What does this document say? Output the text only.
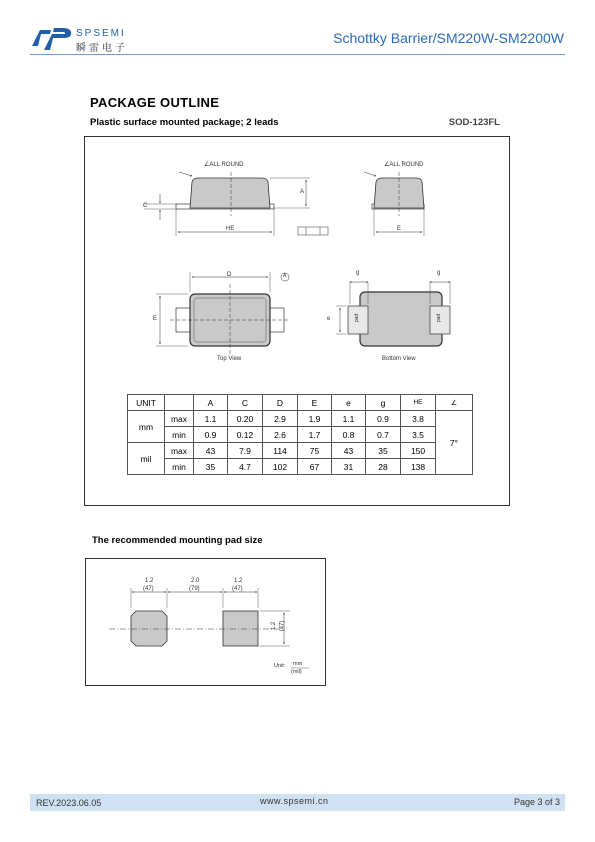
SPSEMI
瞬雷电子
Schottky Barrier/SM220W-SM2200W
PACKAGE OUTLINE
Plastic surface mounted package; 2 leads	SOD-123FL
∠ALL ROUND	∠ALL ROUND
A
C
HE	E
D	A
E	e
g	g
pad	pad
Top View	Bottom View
UNIT		A	C	D	E	e	g	HE	∠
mm	max	1.1	0.20	2.9	1.9	1.1	0.9	3.8	7°
	min	0.9	0.12	2.6	1.7	0.8	0.7	3.5	
mil	max	43	7.9	114	75	43	35	150	
	min	35	4.7	102	67	31	28	138	
The recommended mounting pad size
1.2
(47)
2.0
(79)
1.2
(47)
1.2 (47)
Unit: mm
(mil)
REV.2023.06.05	www.spsemi.cn	Page 3 of 3
